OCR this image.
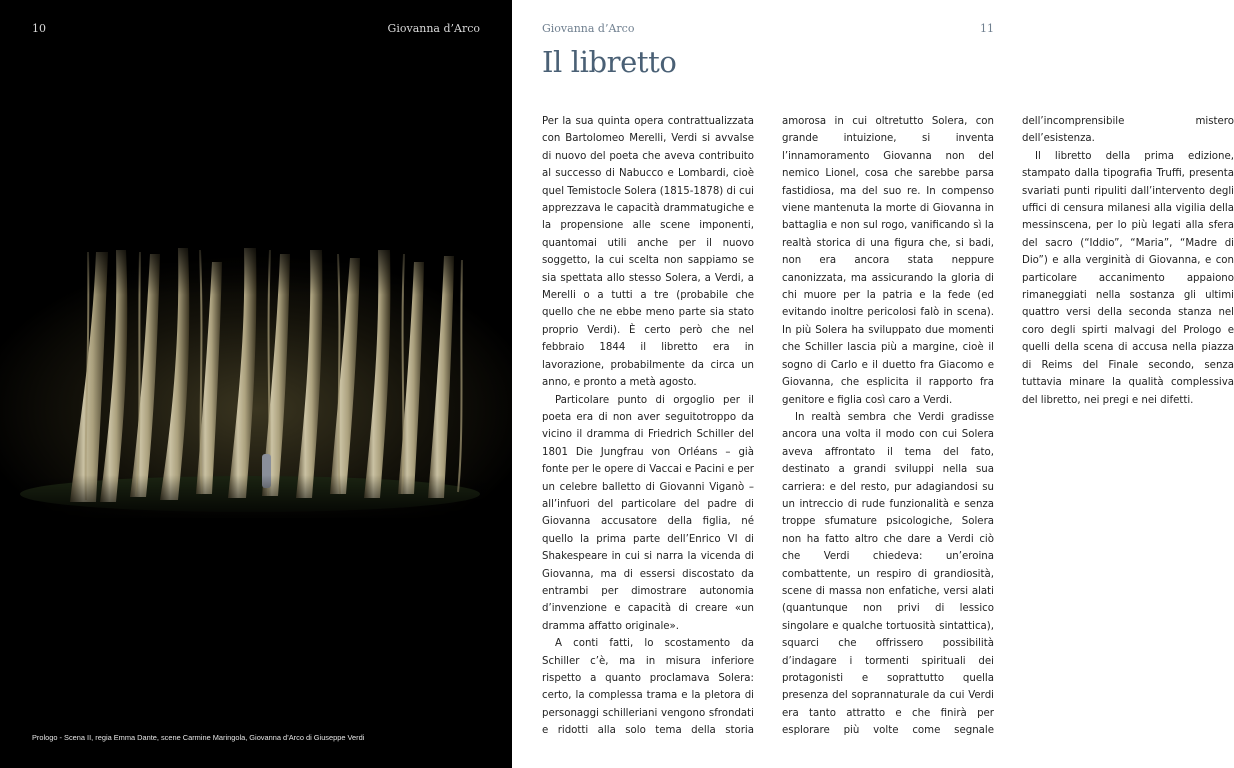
10	Giovanna d’Arco
Prologo - Scena II, regia Emma Dante, scene Carmine Maringola, Giovanna d’Arco di Giuseppe Verdi
Giovanna d’Arco	11
Il libretto

Per la sua quinta opera contrattualizzata con Bartolomeo Merelli, Verdi si avvalse di nuovo del poeta che aveva contribuito al successo di Nabucco e Lombardi, cioè quel Temistocle Solera (1815-1878) di cui apprezzava le capacità drammatugiche e la propensione alle scene imponenti, quantomai utili anche per il nuovo soggetto, la cui scelta non sappiamo se sia spettata allo stesso Solera, a Verdi, a Merelli o a tutti a tre (probabile che quello che ne ebbe meno parte sia stato proprio Verdi). È certo però che nel febbraio 1844 il libretto era in lavorazione, probabilmente da circa un anno, e pronto a metà agosto.

Particolare punto di orgoglio per il poeta era di non aver seguitotroppo da vicino il dramma di Friedrich Schiller del 1801 Die Jungfrau von Orléans – già fonte per le opere di Vaccai e Pacini e per un celebre balletto di Giovanni Viganò – all’infuori del particolare del padre di Giovanna accusatore della figlia, né quello la prima parte dell’Enrico VI di Shakespeare in cui si narra la vicenda di Giovanna, ma di essersi discostato da entrambi per dimostrare autonomia d’invenzione e capacità di creare «un dramma affatto originale».

A conti fatti, lo scostamento da Schiller c’è, ma in misura inferiore rispetto a quanto proclamava Solera: certo, la complessa trama e la pletora di personaggi schilleriani vengono sfrondati e ridotti alla solo tema della storia amorosa in cui oltretutto Solera, con grande intuizione, si inventa l’innamoramento Giovanna non del nemico Lionel, cosa che sarebbe parsa fastidiosa, ma del suo re. In compenso viene mantenuta la morte di Giovanna in battaglia e non sul rogo, vanificando sì la realtà storica di una figura che, si badi, non era ancora stata neppure canonizzata, ma assicurando la gloria di chi muore per la patria e la fede (ed evitando inoltre pericolosi falò in scena). In più Solera ha sviluppato due momenti che Schiller lascia più a margine, cioè il sogno di Carlo e il duetto fra Giacomo e Giovanna, che esplicita il rapporto fra genitore e figlia così caro a Verdi.

In realtà sembra che Verdi gradisse ancora una volta il modo con cui Solera aveva affrontato il tema del fato, destinato a grandi sviluppi nella sua carriera: e del resto, pur adagiandosi su un intreccio di rude funzionalità e senza troppe sfumature psicologiche, Solera non ha fatto altro che dare a Verdi ciò che Verdi chiedeva: un’eroina combattente, un respiro di grandiosità, scene di massa non enfatiche, versi alati (quantunque non privi di lessico singolare e qualche tortuosità sintattica), squarci che offrissero possibilità d’indagare i tormenti spirituali dei protagonisti e soprattutto quella presenza del soprannaturale da cui Verdi era tanto attratto e che finirà per esplorare più volte come segnale dell’incomprensibile mistero dell’esistenza.

Il libretto della prima edizione, stampato dalla tipografia Truffi, presenta svariati punti ripuliti dall’intervento degli uffici di censura milanesi alla vigilia della messinscena, per lo più legati alla sfera del sacro (“Iddio”, “Maria”, “Madre di Dio”) e alla verginità di Giovanna, e con particolare accanimento appaiono rimaneggiati nella sostanza gli ultimi quattro versi della seconda stanza nel coro degli spirti malvagi del Prologo e quelli della scena di accusa nella piazza di Reims del Finale secondo, senza tuttavia minare la qualità complessiva del libretto, nei pregi e nei difetti.
